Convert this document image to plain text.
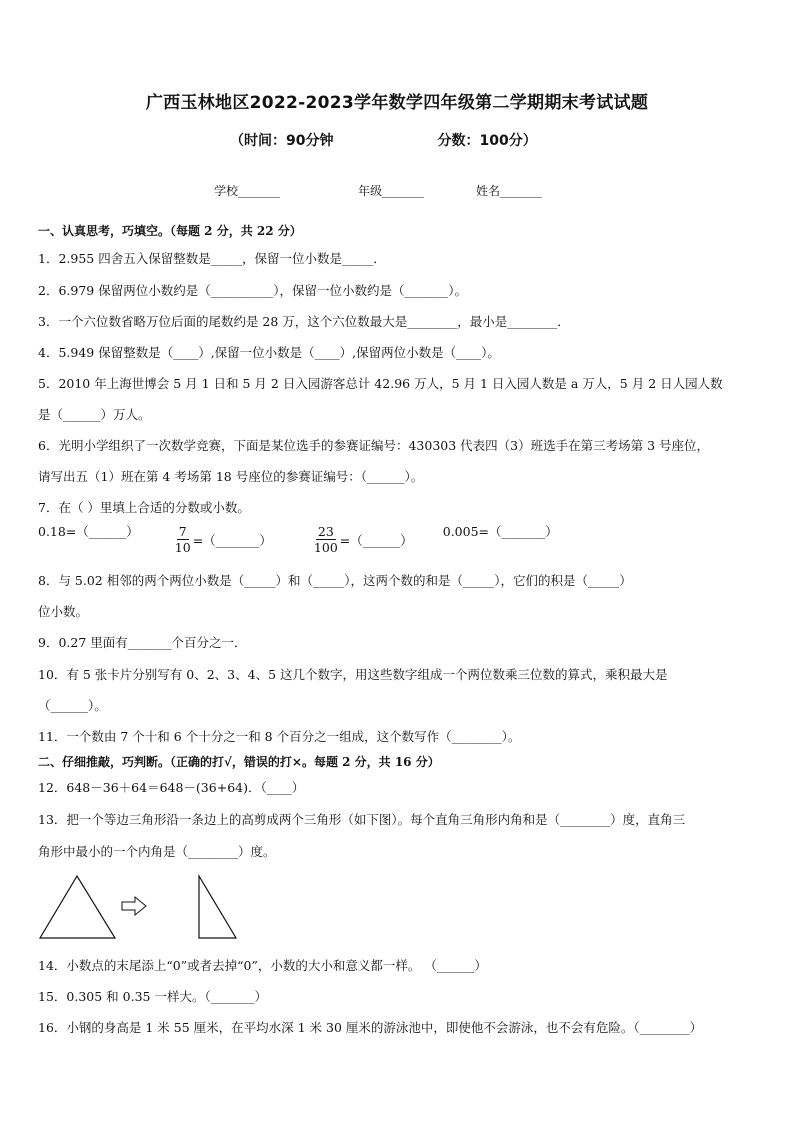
广西玉林地区2022-2023学年数学四年级第二学期期末考试试题
（时间：90分钟	分数：100分）
学校_______	年级_______	姓名_______
一、认真思考，巧填空。（每题 2 分，共 22 分）
1．2.955 四舍五入保留整数是_____，保留一位小数是_____．
2．6.979 保留两位小数约是（__________），保留一位小数约是（_______）。
3．一个六位数省略万位后面的尾数约是 28 万，这个六位数最大是________，最小是________．
4．5.949 保留整数是（____）,保留一位小数是（____）,保留两位小数是（____）。
5．2010 年上海世博会 5 月 1 日和 5 月 2 日入园游客总计 42.96 万人，5 月 1 日入园人数是 a 万人，5 月 2 日人园人数
是（______）万人。
6．光明小学组织了一次数学竞赛，下面是某位选手的参赛证编号：430303 代表四（3）班选手在第三考场第 3 号座位，
请写出五（1）班在第 4 考场第 18 号座位的参赛证编号：（______）。
7．在（ ）里填上合适的分数或小数。
0.18=（______）	$\frac{7}{10}$ =（_______）
	$\frac{23}{100}$ =（______）
0.005=（_______）
8．与 5.02 相邻的两个两位小数是（_____）和（_____），这两个数的和是（_____），它们的积是（_____）
位小数。
9．0.27 里面有_______个百分之一．
10．有 5 张卡片分别写有 0、2、3、4、5 这几个数字，用这些数字组成一个两位数乘三位数的算式，乘积最大是
（______）。
11．一个数由 7 个十和 6 个十分之一和 8 个百分之一组成，这个数写作（________）。
二、仔细推敲，巧判断。（正确的打√，错误的打×。每题 2 分，共 16 分）
12．648－36＋64＝648－(36+64)．（____）
13．把一个等边三角形沿一条边上的高剪成两个三角形（如下图）。每个直角三角形内角和是（________）度，直角三
角形中最小的一个内角是（________）度。
14．小数点的末尾添上“0”或者去掉“0”，小数的大小和意义都一样。 （______）
15．0.305 和 0.35 一样大。（_______）
16．小钢的身高是 1 米 55 厘米，在平均水深 1 米 30 厘米的游泳池中，即使他不会游泳，也不会有危险。（________）
